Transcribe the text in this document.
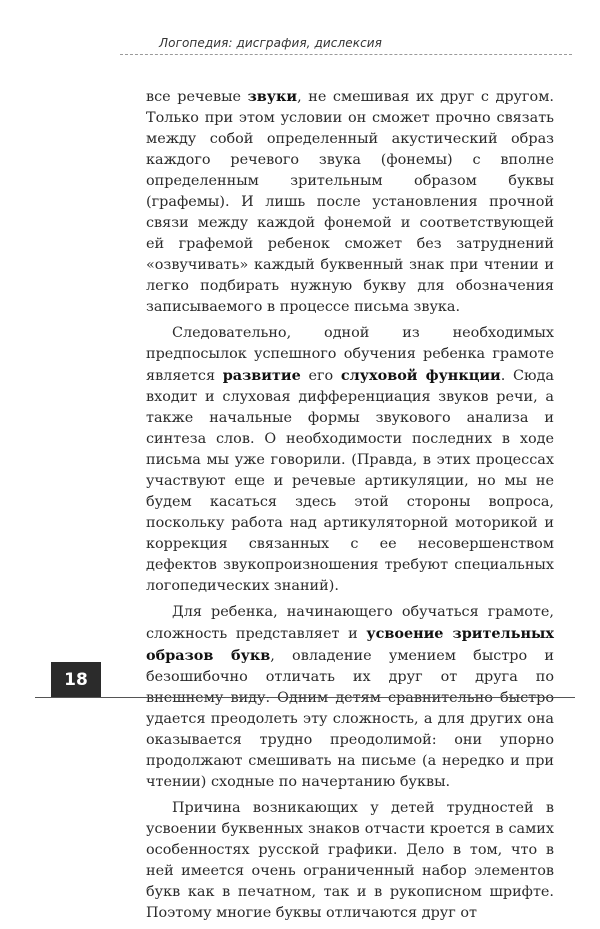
Логопедия: дисграфия, дислексия

все речевые звуки, не смешивая их друг с другом. Только при этом условии он сможет прочно связать между собой определенный акустический образ каждого речевого звука (фонемы) с вполне определенным зрительным образом буквы (графемы). И лишь после установления прочной связи между каждой фонемой и соответствующей ей графемой ребенок сможет без затруднений «озвучивать» каждый буквенный знак при чтении и легко подбирать нужную букву для обозначения записываемого в процессе письма звука.

Следовательно, одной из необходимых предпосылок успешного обучения ребенка грамоте является развитие его слуховой функции. Сюда входит и слуховая дифференциация звуков речи, а также начальные формы звукового анализа и синтеза слов. О необходимости последних в ходе письма мы уже говорили. (Правда, в этих процессах участвуют еще и речевые артикуляции, но мы не будем касаться здесь этой стороны вопроса, поскольку работа над артикуляторной моторикой и коррекция связанных с ее несовершенством дефектов звукопроизношения требуют специальных логопедических знаний).

Для ребенка, начинающего обучаться грамоте, сложность представляет и усвоение зрительных образов букв, овладение умением быстро и безошибочно отличать их друг от друга по внешнему виду. Одним детям сравнительно быстро удается преодолеть эту сложность, а для других она оказывается трудно преодолимой: они упорно продолжают смешивать на письме (а нередко и при чтении) сходные по начертанию буквы.

Причина возникающих у детей трудностей в усвоении буквенных знаков отчасти кроется в самих особенностях русской графики. Дело в том, что в ней имеется очень ограниченный набор элементов букв как в печатном, так и в рукописном шрифте. Поэтому многие буквы отличаются друг от

18
